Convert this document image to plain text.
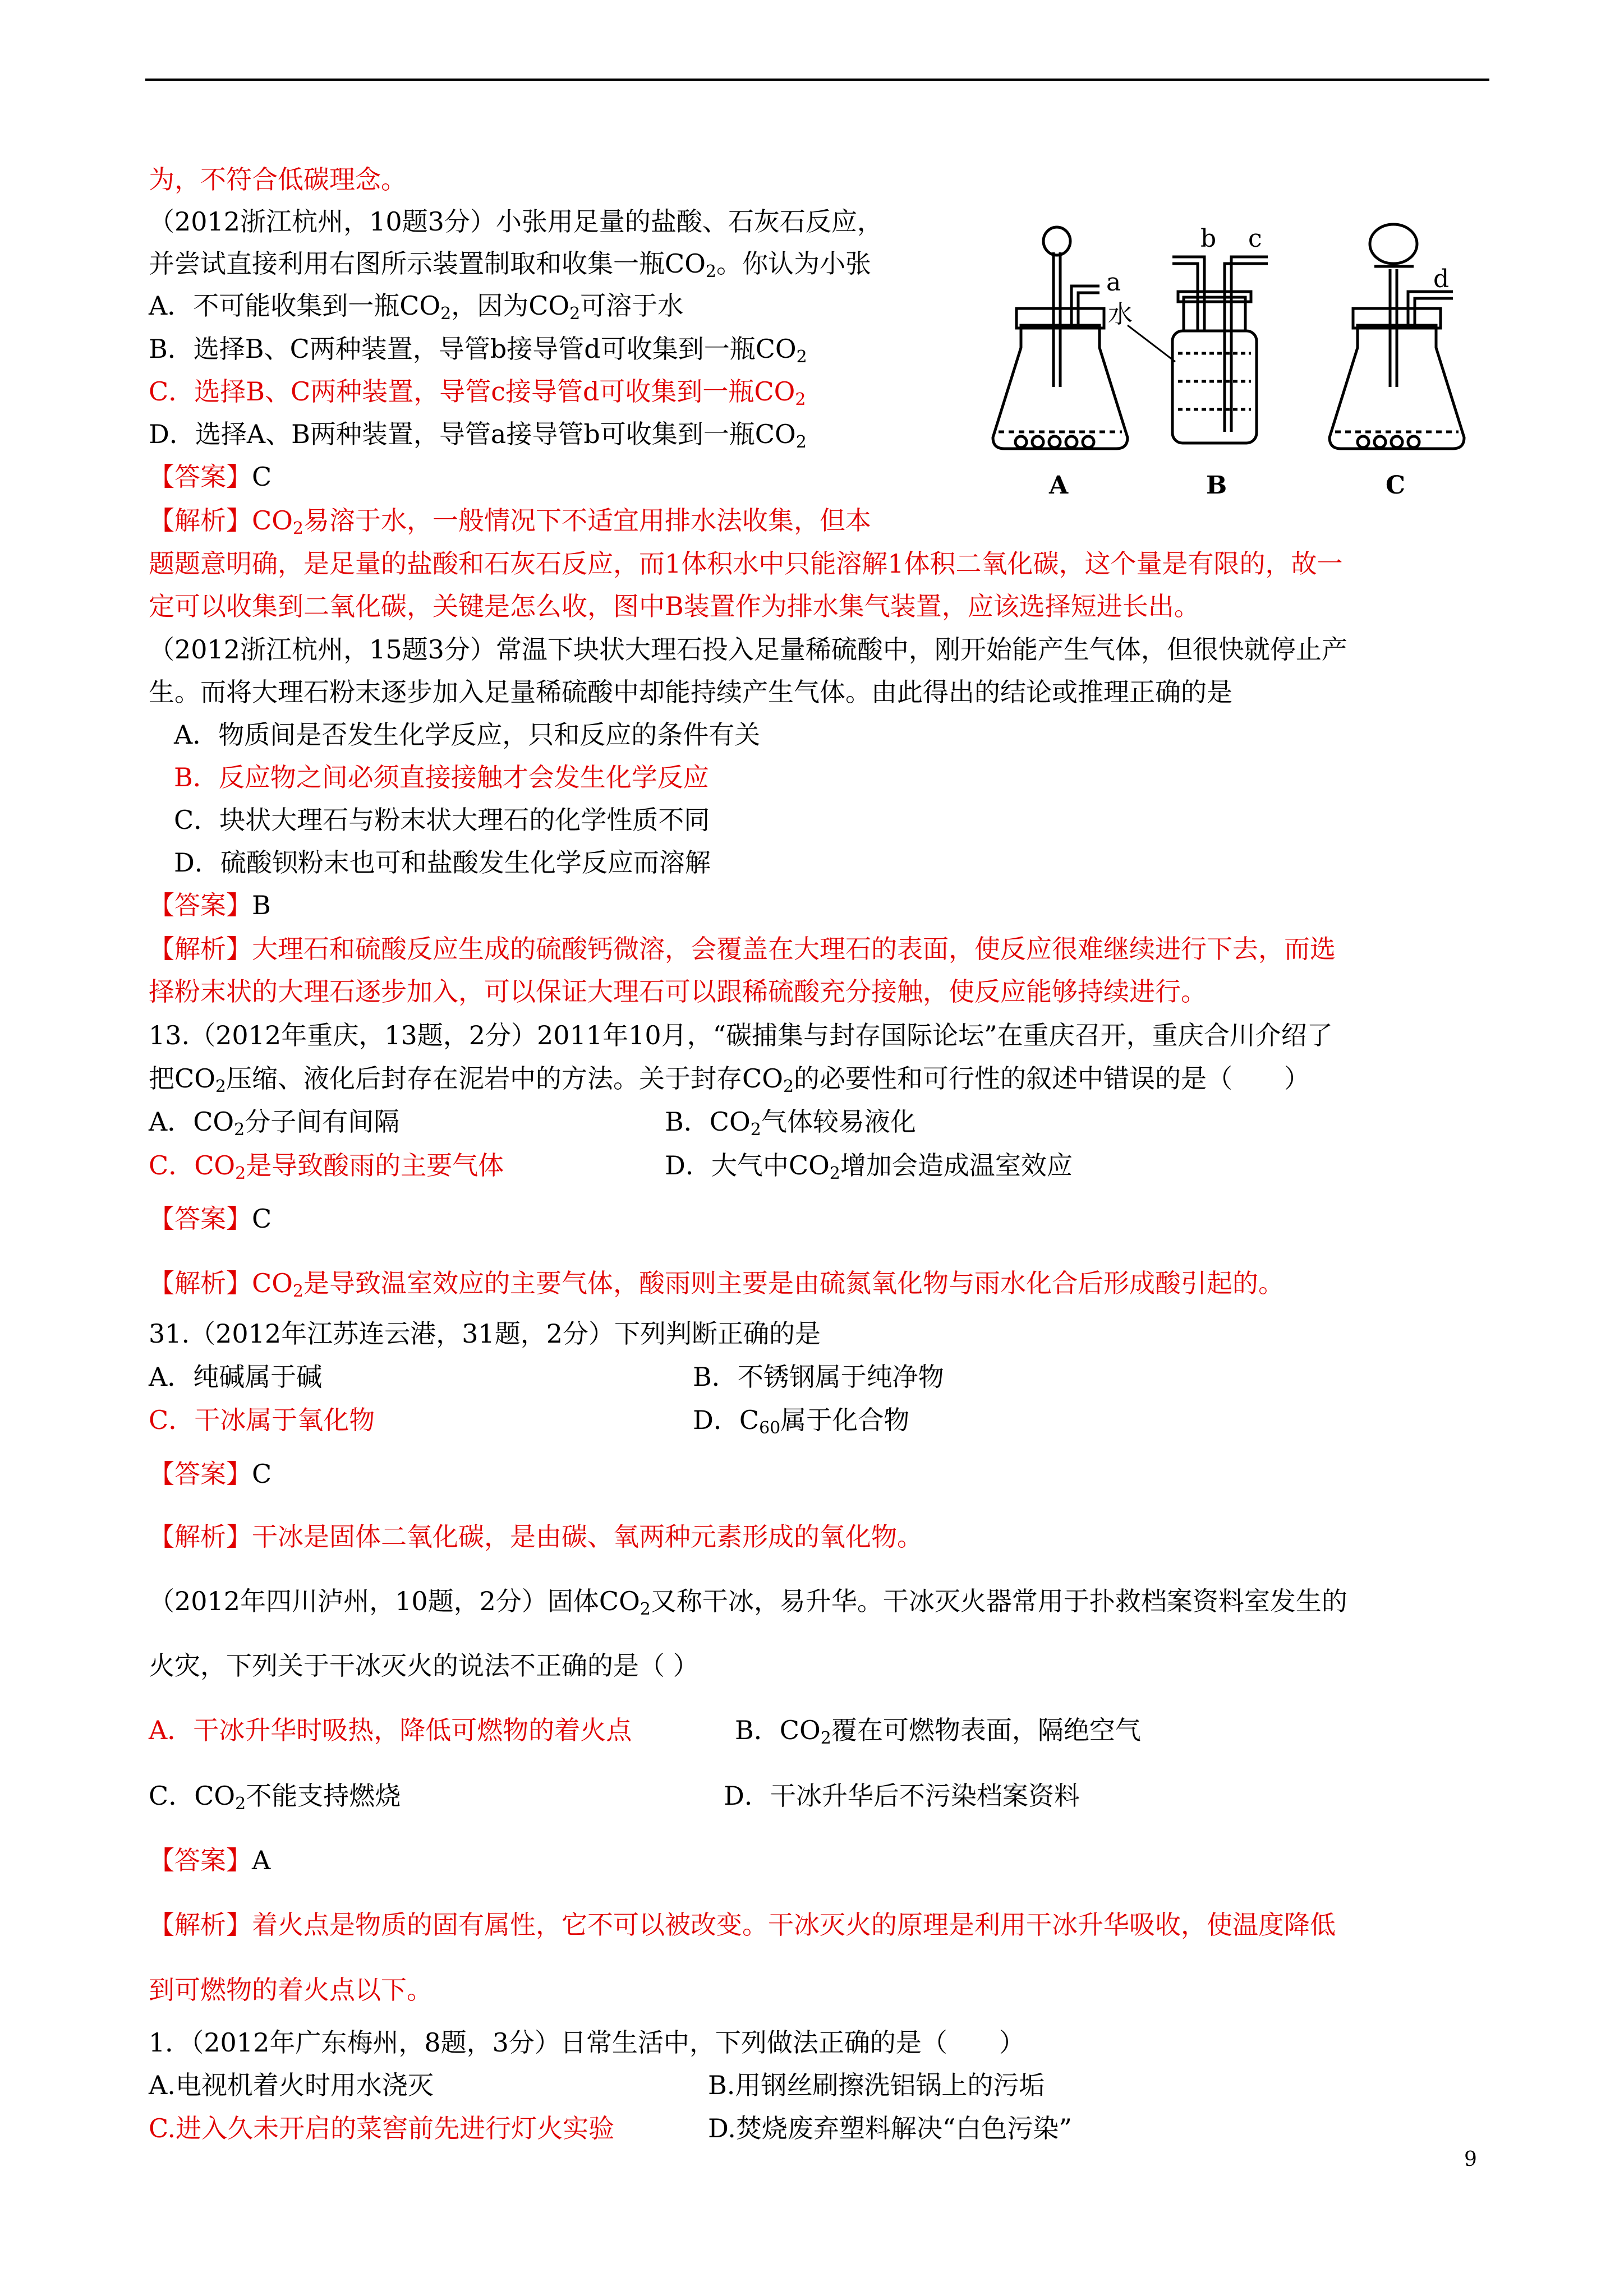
为，不符合低碳理念。
（2012浙江杭州，10题3分）小张用足量的盐酸、石灰石反应，
并尝试直接利用右图所示装置制取和收集一瓶$CO_2$。你认为小张
A．不可能收集到一瓶$CO_2$，因为$CO_2$可溶于水
B．选择B、C两种装置，导管b接导管d可收集到一瓶$CO_2$
C．选择B、C两种装置，导管c接导管d可收集到一瓶$CO_2$
D．选择A、B两种装置，导管a接导管b可收集到一瓶$CO_2$
【答案】C
【解析】$CO_2$易溶于水，一般情况下不适宜用排水法收集，但本
题题意明确，是足量的盐酸和石灰石反应，而1体积水中只能溶解1体积二氧化碳，这个量是有限的，故一
定可以收集到二氧化碳，关键是怎么收，图中B装置作为排水集气装置，应该选择短进长出。
a
b c
d
水
A	B	C
（2012浙江杭州，15题3分）常温下块状大理石投入足量稀硫酸中，刚开始能产生气体，但很快就停止产
生。而将大理石粉末逐步加入足量稀硫酸中却能持续产生气体。由此得出的结论或推理正确的是
A．物质间是否发生化学反应，只和反应的条件有关
B．反应物之间必须直接接触才会发生化学反应
C．块状大理石与粉末状大理石的化学性质不同
D．硫酸钡粉末也可和盐酸发生化学反应而溶解
【答案】B
【解析】大理石和硫酸反应生成的硫酸钙微溶，会覆盖在大理石的表面，使反应很难继续进行下去，而选
择粉末状的大理石逐步加入，可以保证大理石可以跟稀硫酸充分接触，使反应能够持续进行。
13.（2012年重庆，13题，2分）2011年10月，“碳捕集与封存国际论坛”在重庆召开，重庆合川介绍了
把$CO_2$压缩、液化后封存在泥岩中的方法。关于封存$CO_2$的必要性和可行性的叙述中错误的是（　　）
A．$CO_2$分子间有间隔	B．$CO_2$气体较易液化
C．$CO_2$是导致酸雨的主要气体	D．大气中$CO_2$增加会造成温室效应
【答案】C
【解析】$CO_2$是导致温室效应的主要气体，酸雨则主要是由硫氮氧化物与雨水化合后形成酸引起的。
31.（2012年江苏连云港，31题，2分）下列判断正确的是
A．纯碱属于碱	B．不锈钢属于纯净物
C．干冰属于氧化物	D．$C_{60}$属于化合物
【答案】C
【解析】干冰是固体二氧化碳，是由碳、氧两种元素形成的氧化物。
（2012年四川泸州，10题，2分）固体$CO_2$又称干冰，易升华。干冰灭火器常用于扑救档案资料室发生的
火灾，下列关于干冰灭火的说法不正确的是（ ）
A．干冰升华时吸热，降低可燃物的着火点	B．$CO_2$覆在可燃物表面，隔绝空气
C．$CO_2$不能支持燃烧	D．干冰升华后不污染档案资料
【答案】A
【解析】着火点是物质的固有属性，它不可以被改变。干冰灭火的原理是利用干冰升华吸收，使温度降低
到可燃物的着火点以下。
1．（2012年广东梅州，8题，3分）日常生活中，下列做法正确的是（　　）
A.电视机着火时用水浇灭	B.用钢丝刷擦洗铝锅上的污垢
C.进入久未开启的菜窖前先进行灯火实验	D.焚烧废弃塑料解决“白色污染”
9
